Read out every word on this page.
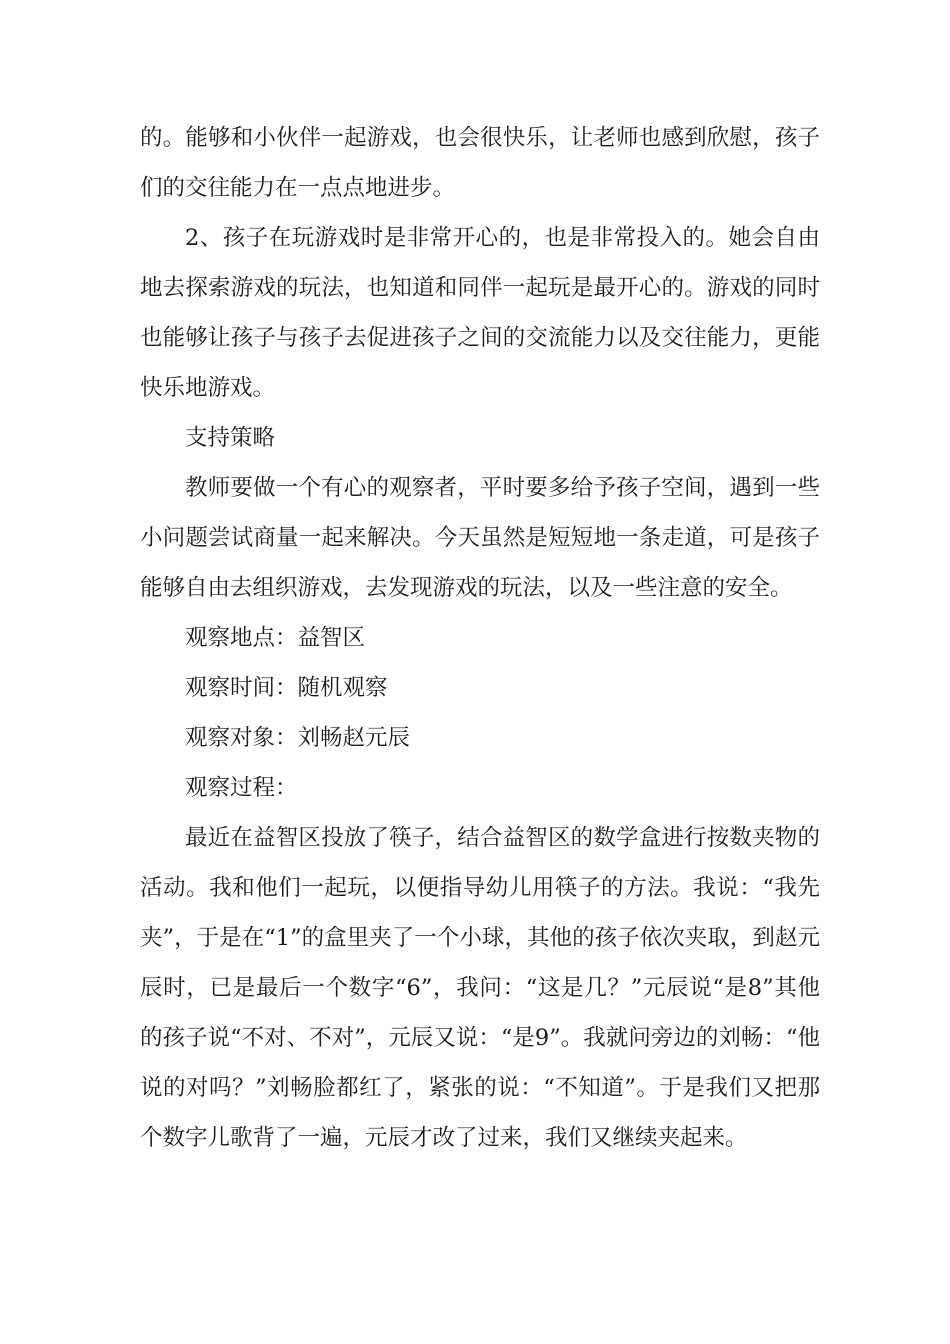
的。能够和小伙伴一起游戏，也会很快乐，让老师也感到欣慰，孩子们的交往能力在一点点地进步。

2、孩子在玩游戏时是非常开心的，也是非常投入的。她会自由地去探索游戏的玩法，也知道和同伴一起玩是最开心的。游戏的同时也能够让孩子与孩子去促进孩子之间的交流能力以及交往能力，更能快乐地游戏。

支持策略

教师要做一个有心的观察者，平时要多给予孩子空间，遇到一些小问题尝试商量一起来解决。今天虽然是短短地一条走道，可是孩子能够自由去组织游戏，去发现游戏的玩法，以及一些注意的安全。

观察地点：益智区

观察时间：随机观察

观察对象：刘畅赵元辰

观察过程：

最近在益智区投放了筷子，结合益智区的数学盒进行按数夹物的活动。我和他们一起玩，以便指导幼儿用筷子的方法。我说：“我先夹”，于是在“1”的盒里夹了一个小球，其他的孩子依次夹取，到赵元辰时，已是最后一个数字“6”，我问：“这是几？”元辰说“是8”其他的孩子说“不对、不对”，元辰又说：“是9”。我就问旁边的刘畅：“他说的对吗？”刘畅脸都红了，紧张的说：“不知道”。于是我们又把那个数字儿歌背了一遍，元辰才改了过来，我们又继续夹起来。
